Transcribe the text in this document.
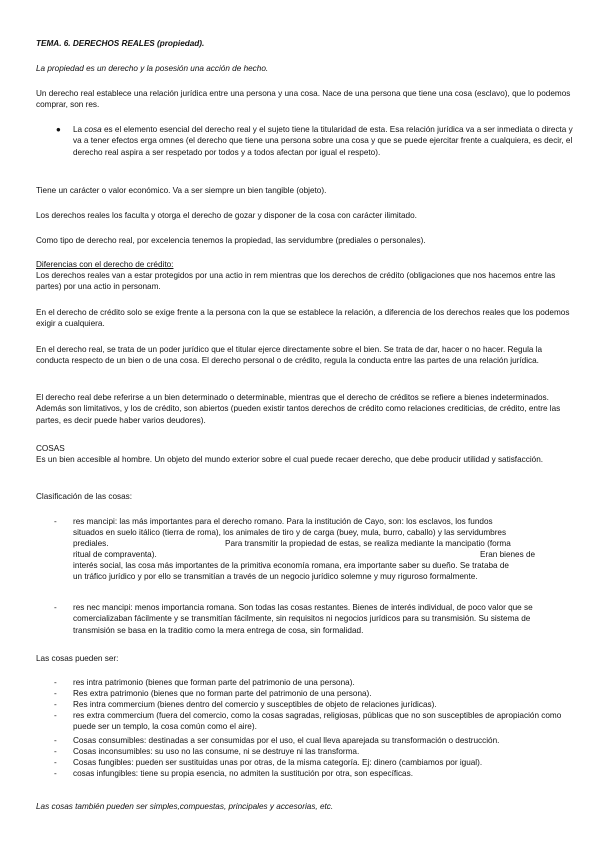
TEMA. 6. DERECHOS REALES (propiedad).

La propiedad es un derecho y la posesión una acción de hecho.

Un derecho real establece una relación jurídica entre una persona y una cosa. Nace de una persona que tiene una cosa (esclavo), que lo podemos comprar, son res.

● La cosa es el elemento esencial del derecho real y el sujeto tiene la titularidad de esta. Esa relación jurídica va a ser inmediata o directa y va a tener efectos erga omnes (el derecho que tiene una persona sobre una cosa y que se puede ejercitar frente a cualquiera, es decir, el derecho real aspira a ser respetado por todos y a todos afectan por igual el respeto).

Tiene un carácter o valor económico. Va a ser siempre un bien tangible (objeto).

Los derechos reales los faculta y otorga el derecho de gozar y disponer de la cosa con carácter ilimitado.

Como tipo de derecho real, por excelencia tenemos la propiedad, las servidumbre (prediales o personales).

Diferencias con el derecho de crédito:

Los derechos reales van a estar protegidos por una actio in rem mientras que los derechos de crédito (obligaciones que nos hacemos entre las partes) por una actio in personam.

En el derecho de crédito solo se exige frente a la persona con la que se establece la relación, a diferencia de los derechos reales que los podemos exigir a cualquiera.

En el derecho real, se trata de un poder jurídico que el titular ejerce directamente sobre el bien. Se trata de dar, hacer o no hacer. Regula la conducta respecto de un bien o de una cosa. El derecho personal o de crédito, regula la conducta entre las partes de una relación jurídica.

El derecho real debe referirse a un bien determinado o determinable, mientras que el derecho de créditos se refiere a bienes indeterminados. Además son limitativos, y los de crédito, son abiertos (pueden existir tantos derechos de crédito como relaciones crediticias, de crédito, entre las partes, es decir puede haber varios deudores).

COSAS

Es un bien accesible al hombre. Un objeto del mundo exterior sobre el cual puede recaer derecho, que debe producir utilidad y satisfacción.

Clasificación de las cosas:

- res mancipi: las más importantes para el derecho romano. Para la institución de Cayo, son: los esclavos, los fundos

situados en suelo itálico (tierra de roma), los animales de tiro y de carga (buey, mula, burro, caballo) y las servidumbres

prediales.	Para transmitir la propiedad de estas, se realiza mediante la mancipatio (forma

ritual de compraventa).	Eran bienes de

interés social, las cosa más importantes de la primitiva economía romana, era importante saber su dueño. Se trataba de

un tráfico jurídico y por ello se transmitían a través de un negocio jurídico solemne y muy riguroso formalmente.

- res nec mancipi: menos importancia romana. Son todas las cosas restantes. Bienes de interés individual, de poco valor que se comercializaban fácilmente y se transmitían fácilmente, sin requisitos ni negocios jurídicos para su transmisión. Su sistema de transmisión se basa en la traditio como la mera entrega de cosa, sin formalidad.

Las cosas pueden ser:

- res intra patrimonio (bienes que forman parte del patrimonio de una persona).

- Res extra patrimonio (bienes que no forman parte del patrimonio de una persona).

- Res intra commercium (bienes dentro del comercio y susceptibles de objeto de relaciones jurídicas).

- res extra commercium (fuera del comercio, como la cosas sagradas, religiosas, públicas que no son susceptibles de apropiación como puede ser un templo, la cosa común como el aire).

- Cosas consumibles: destinadas a ser consumidas por el uso, el cual lleva aparejada su transformación o destrucción.

- Cosas inconsumibles: su uso no las consume, ni se destruye ni las transforma.

- Cosas fungibles: pueden ser sustituidas unas por otras, de la misma categoría. Ej: dinero (cambiamos por igual).

- cosas infungibles: tiene su propia esencia, no admiten la sustitución por otra, son específicas.

Las cosas también pueden ser simples,compuestas, principales y accesorias, etc.
